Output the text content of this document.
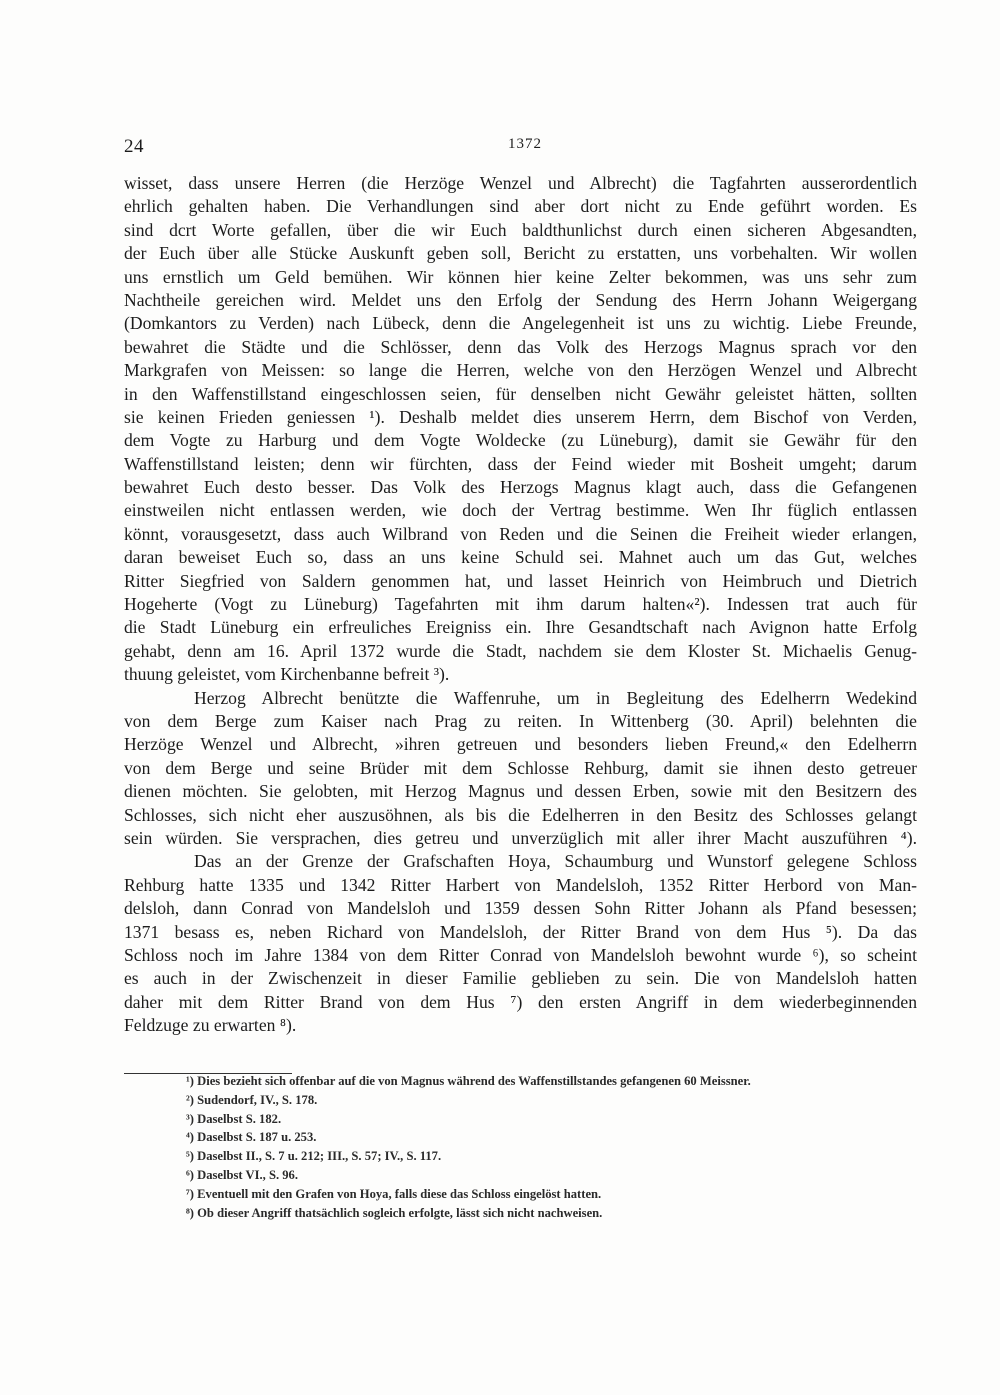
24	1372
wisset, dass unsere Herren (die Herzöge Wenzel und Albrecht) die Tagfahrten ausserordentlich
ehrlich gehalten haben. Die Verhandlungen sind aber dort nicht zu Ende geführt worden. Es
sind dcrt Worte gefallen, über die wir Euch baldthunlichst durch einen sicheren Abgesandten,
der Euch über alle Stücke Auskunft geben soll, Bericht zu erstatten, uns vorbehalten. Wir wollen
uns ernstlich um Geld bemühen. Wir können hier keine Zelter bekommen, was uns sehr zum
Nachtheile gereichen wird. Meldet uns den Erfolg der Sendung des Herrn Johann Weigergang
(Domkantors zu Verden) nach Lübeck, denn die Angelegenheit ist uns zu wichtig. Liebe Freunde,
bewahret die Städte und die Schlösser, denn das Volk des Herzogs Magnus sprach vor den
Markgrafen von Meissen: so lange die Herren, welche von den Herzögen Wenzel und Albrecht
in den Waffenstillstand eingeschlossen seien, für denselben nicht Gewähr geleistet hätten, sollten
sie keinen Frieden geniessen ¹). Deshalb meldet dies unserem Herrn, dem Bischof von Verden,
dem Vogte zu Harburg und dem Vogte Woldecke (zu Lüneburg), damit sie Gewähr für den
Waffenstillstand leisten; denn wir fürchten, dass der Feind wieder mit Bosheit umgeht; darum
bewahret Euch desto besser. Das Volk des Herzogs Magnus klagt auch, dass die Gefangenen
einstweilen nicht entlassen werden, wie doch der Vertrag bestimme. Wen Ihr füglich entlassen
könnt, vorausgesetzt, dass auch Wilbrand von Reden und die Seinen die Freiheit wieder erlangen,
daran beweiset Euch so, dass an uns keine Schuld sei. Mahnet auch um das Gut, welches
Ritter Siegfried von Saldern genommen hat, und lasset Heinrich von Heimbruch und Dietrich
Hogeherte (Vogt zu Lüneburg) Tagefahrten mit ihm darum halten«²). Indessen trat auch für
die Stadt Lüneburg ein erfreuliches Ereigniss ein. Ihre Gesandtschaft nach Avignon hatte Erfolg
gehabt, denn am 16. April 1372 wurde die Stadt, nachdem sie dem Kloster St. Michaelis Genug-
thuung geleistet, vom Kirchenbanne befreit ³).
Herzog Albrecht benützte die Waffenruhe, um in Begleitung des Edelherrn Wedekind
von dem Berge zum Kaiser nach Prag zu reiten. In Wittenberg (30. April) belehnten die
Herzöge Wenzel und Albrecht, »ihren getreuen und besonders lieben Freund,« den Edelherrn
von dem Berge und seine Brüder mit dem Schlosse Rehburg, damit sie ihnen desto getreuer
dienen möchten. Sie gelobten, mit Herzog Magnus und dessen Erben, sowie mit den Besitzern des
Schlosses, sich nicht eher auszusöhnen, als bis die Edelherren in den Besitz des Schlosses gelangt
sein würden. Sie versprachen, dies getreu und unverzüglich mit aller ihrer Macht auszuführen ⁴).
Das an der Grenze der Grafschaften Hoya, Schaumburg und Wunstorf gelegene Schloss
Rehburg hatte 1335 und 1342 Ritter Harbert von Mandelsloh, 1352 Ritter Herbord von Man-
delsloh, dann Conrad von Mandelsloh und 1359 dessen Sohn Ritter Johann als Pfand besessen;
1371 besass es, neben Richard von Mandelsloh, der Ritter Brand von dem Hus ⁵). Da das
Schloss noch im Jahre 1384 von dem Ritter Conrad von Mandelsloh bewohnt wurde ⁶), so scheint
es auch in der Zwischenzeit in dieser Familie geblieben zu sein. Die von Mandelsloh hatten
daher mit dem Ritter Brand von dem Hus ⁷) den ersten Angriff in dem wiederbeginnenden
Feldzuge zu erwarten ⁸).
¹) Dies bezieht sich offenbar auf die von Magnus während des Waffenstillstandes gefangenen 60 Meissner.
²) Sudendorf, IV., S. 178.
³) Daselbst S. 182.
⁴) Daselbst S. 187 u. 253.
⁵) Daselbst II., S. 7 u. 212; III., S. 57; IV., S. 117.
⁶) Daselbst VI., S. 96.
⁷) Eventuell mit den Grafen von Hoya, falls diese das Schloss eingelöst hatten.
⁸) Ob dieser Angriff thatsächlich sogleich erfolgte, lässt sich nicht nachweisen.
